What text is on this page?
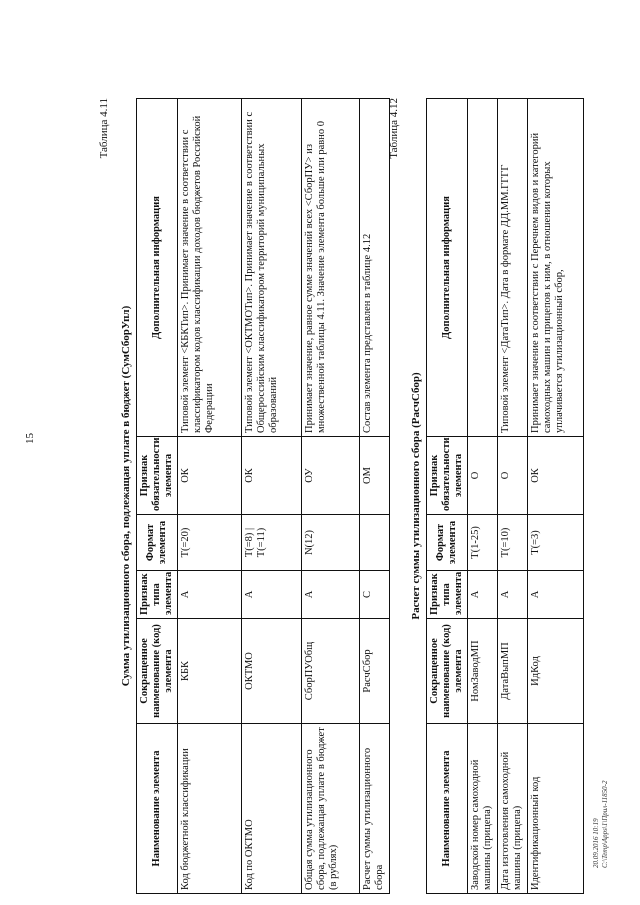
15
20.09.2016 10:19 C:\Temp\Apps\1\Прил-11850-2
Таблица 4.11
Сумма утилизационного сбора, подлежащая уплате в бюджет (СумСборУпл)
Наименование элемента	Сокращенное наименование (код) элемента	Признак типа элемента	Формат элемента	Признак обязательности элемента	Дополнительная информация
Код бюджетной классификации	КБК	А	T(=20)	ОК	Типовой элемент <КБКТип>. Принимает значение в соответствии с классификатором кодов классификации доходов бюджетов Российской Федерации
Код по ОКТМО	ОКТМО	А	T(=8) | T(=11)	ОК	Типовой элемент <ОКТМОТип>. Принимает значение в соответствии с Общероссийским классификатором территорий муниципальных образований
Общая сумма утилизационного сбора, подлежащая уплате в бюджет (в рублях)	СборПУОбщ	А	N(12)	ОУ	Принимает значение, равное сумме значений всех <СборПУ> из множественной таблицы 4.11. Значение элемента больше или равно 0
Расчет суммы утилизационного сбора	РасчСбор	С		ОМ	Состав элемента представлен в таблице 4.12
Таблица 4.12
Расчет суммы утилизационного сбора (РасчСбор)
Наименование элемента	Сокращенное наименование (код) элемента	Признак типа элемента	Формат элемента	Признак обязательности элемента	Дополнительная информация
Заводской номер самоходной машины (прицепа)	НомЗаводМП	А	T(1-25)	О	
Дата изготовления самоходной машины (прицепа)	ДатаВыпМП	А	T(=10)	О	Типовой элемент <ДатаТип>. Дата в формате ДД.ММ.ГГГГ
Идентификационный код	ИдКод	А	T(=3)	ОК	Принимает значение в соответствии с Перечнем видов и категорий самоходных машин и прицепов к ним, в отношении которых уплачивается утилизационный сбор,
